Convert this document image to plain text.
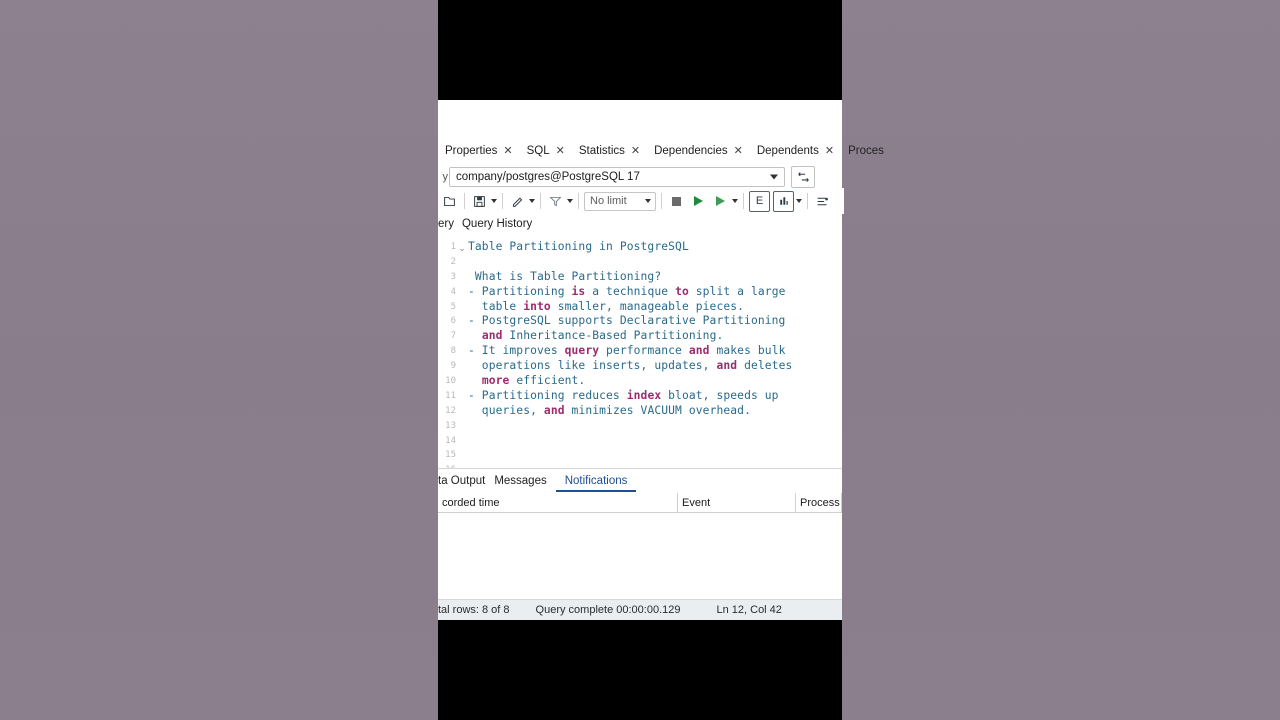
Properties ✕ SQL ✕ Statistics ✕ Dependencies ✕ Dependents ✕ Proces
y company/postgres@PostgreSQL 17
No limit	E
ery Query History
1
2
3
4
5
6
7
8
9
10
11
12
13
14
15
⌄ Table Partitioning in PostgreSQL

What is Table Partitioning?
- Partitioning is a technique to split a large
table into smaller, manageable pieces.
- PostgreSQL supports Declarative Partitioning
and Inheritance-Based Partitioning.
- It improves query performance and makes bulk
operations like inserts, updates, and deletes
more efficient.
- Partitioning reduces index bloat, speeds up
queries, and minimizes VACUUM overhead.

ta Output Messages	Notifications
corded time	Event	Process
tal rows: 8 of 8	Query complete 00:00:00.129	Ln 12, Col 42
